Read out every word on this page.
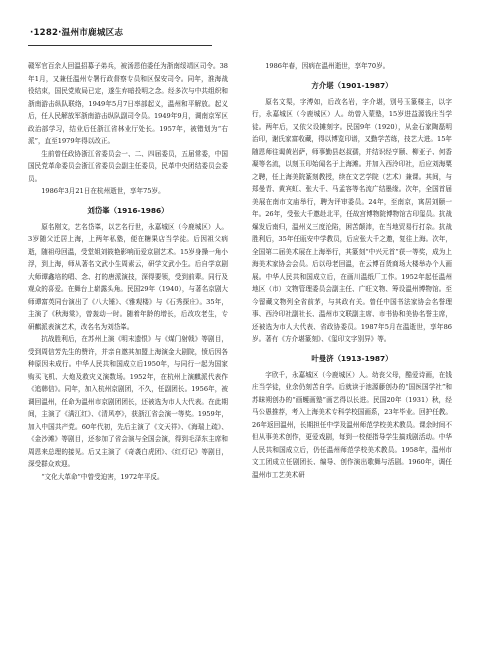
·1282·温州市鹿城区志

赣军官百余人回温招募子弟兵，被汤恩伯委任为浙南绥靖区司令。38年1月，又兼任温州专署行政督察专员和区保安司令。同年，淮海战役结束，国民党败局已定，遂生弃暗投明之念。经多次与中共组织和浙南游击纵队联络，1949年5月7日率部起义，温州和平解放。起义后，任人民解放军浙南游击纵队副司令员。1949年9月，调南京军区政治部学习，结业后任浙江省林业厅处长。1957年，被错划为“右派”，直至1979年得以改正。

生前曾任政协浙江省委员会一、二、四届委员，五届常委，中国国民党革命委员会浙江省委员会副主任委员，民革中央团结委员会委员。

1986年3月21日在杭州逝世，享年75岁。

刘岱峯（1916-1986）

原名刚文，艺名岱峯，以艺名行世，永嘉城区（今鹿城区）人。3岁随父迁居上海，上两年私塾，便在糖果店当学徒。后因祖父病逝，随祖母回温，受堂姐刘筱艳影响而爱京剧艺术。15岁身操一角小浮，到上海，师从著名文武小生周素云，研学文武小生。后自学京剧大师谭鑫培的唱、念、打的唐派演技，深得要领，受到前辈。同行及观众的喜爱。在舞台上崭露头角。民国29年（1940），与著名京剧大师谭富英同台演出了《八大锤》、《雅观楼》与《石秀探庄》。35年，主演了《秋海棠》，曾轰动一时。随着年龄的增长，后改攻老生，专研麒派表演艺术，改名名为刘岱峯。

抗战胜利后，在苏州上演《明末遗恨》与《煤门射戟》等剧目，受到周信芳先生的赞许，并亲自邀其加盟上海演金大剧院，愤后因各种原因未成行。中华人民共和国成立后1950年，与同行一起为国家购买飞机、大炮及救灾义演数场。1952年，在杭州上演麒派代表作《追韩信》。同年，加入杭州京剧团，不久，任副团长。1956年，被调回温州，任命为温州市京剧团团长，还被选为市人大代表。在此期间，主演了《满江红》、《清风亭》，获浙江省会演一等奖。1959年，加入中国共产党。60年代初，先后主演了《文天祥》、《海瑞上疏》、《金沙滩》等剧目，还参加了省会演与全国会演，得到毛泽东主席和周恩来总理的接见。后又主演了《奇袭白虎团》、《红灯记》等剧目，深受群众欢迎。

“文化大革命”中曾受迫害，1972年平反。

1986年春，因病在温州逝世，享年70岁。

方介堪（1901-1987）

原名文渠，字溥如，后改名岩，字介堪，别号玉篆楼主，以字行，永嘉城区（今鹿城区）人。幼曾入蒙塾，15岁进益源钱庄当学徒。两年后，又依父设摊刻字。民国9年（1920），从金石家陶磊明治印，谢氏家富收藏，得以博览印谱，又勤学苦练，技艺大进。15年随恩师往谒黄岩萨，师事勤县赵叔孺，并结识经亨颐、柳亚子、何香凝等名流，以刻玉印始闻名于上海滩。并加入西泠印社，后应刘海粟之聘，任上海美院篆刻教授，续在文艺学院（艺术）兼课。其间，与郑曼青、黄宾虹、张大千、马孟容等名流广结墨缘。次年，全国首届美展在南市文庙举行，聘为评审委员。24年，至南京，寓居刘颐一年。26年，受张大千邀赴北平，任故宫博物院博物馆古印玺员。抗战爆发后南归，温州义三度沦陷，困苦颠沛，在当地贸易行打杂。抗战胜利后，35年任瓯安中学教员，后应张大千之邀，复往上海。次年，全国第二届美术展在上海举行，其篆刻“中兴元首”获一等奖，成为上海美术家协会会员。后以母老回温，在云博百货商场大楼举办个人画展。中华人民共和国成立后，在画川温纸厂工作。1952年起任温州地区（市）文物管理委员会副主任、广旺文物、筹设温州博物馆。至今留藏文物列全省前茅，与其政有关。曾任中国书法家协会名誉理事、西泠印社副社长、温州市文联副主席、市书协和美协名誉主席，还被选为市人大代表、省政协委员。1987年5月在温逝世，享年86岁。著有《方介堪篆刻》、《玺印文字别异》等。

叶曼济（1913-1987）

字欣千，永嘉城区（今鹿城区）人。幼丧父母，酷爱诗画，在钱庄当学徒，业余仍刻苦自学。后就读于池源藤创办的“国医国学社”和苏昧朔创办的“画蠖画塾”画艺得以长进。民国20年（1931）秋，经马公愚推荐，考入上海美术专科学校国画系，23年毕业。回护任教。26年返回温州，长期担任中学及温州师范学校美术教员。课余时间不但从事美术创作，更爱戏剧，每到一校便指导学生搞戏剧活动。中华人民共和国成立后，仍任温州师范学校美术教员。1958年，温州市文工团成立任剧团长、编导、创作演出歌舞与活剧。1960年，调任温州市工艺美术研
